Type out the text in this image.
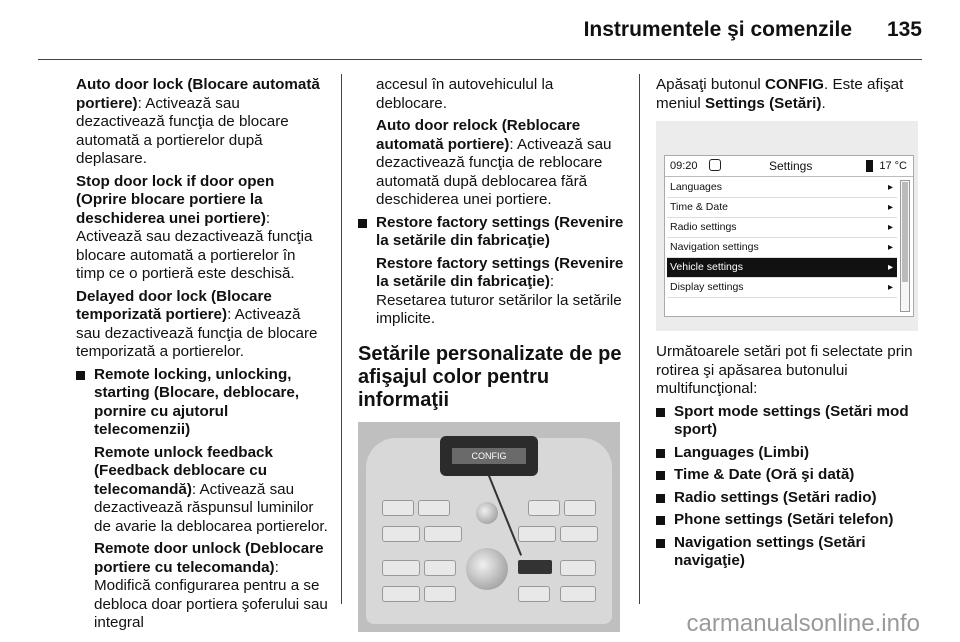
Instrumentele şi comenzile 135

Auto door lock (Blocare automată portiere): Activează sau dezactivează funcţia de blocare automată a portierelor după deplasare.

Stop door lock if door open (Oprire blocare portiere la deschiderea unei portiere): Activează sau dezactivează funcţia blocare automată a portierelor în timp ce o portieră este deschisă.

Delayed door lock (Blocare temporizată portiere): Activează sau dezactivează funcţia de blocare temporizată a portierelor.

Remote locking, unlocking, starting (Blocare, deblocare, pornire cu ajutorul telecomenzii)

Remote unlock feedback (Feedback deblocare cu telecomandă): Activează sau dezactivează răspunsul luminilor de avarie la deblocarea portierelor.

Remote door unlock (Deblocare portiere cu telecomanda): Modifică configurarea pentru a se debloca doar portiera şoferului sau integral

accesul în autovehiculul la deblocare.

Auto door relock (Reblocare automată portiere): Activează sau dezactivează funcţia de reblocare automată după deblocarea fără deschiderea unei portiere.

Restore factory settings (Revenire la setările din fabricaţie)

Restore factory settings (Revenire la setările din fabricaţie): Resetarea tuturor setărilor la setările implicite.

Setările personalizate de pe afişajul color pentru informaţii
CONFIG

Apăsaţi butonul CONFIG. Este afişat meniul Settings (Setări).

09:20	Settings	17 °C
Languages	▸
Time & Date	▸
Radio settings	▸
Navigation settings	▸
Vehicle settings	▸
Display settings	▸

Următoarele setări pot fi selectate prin rotirea şi apăsarea butonului multifuncţional:

Sport mode settings (Setări mod sport)
Languages (Limbi)
Time & Date (Oră şi dată)
Radio settings (Setări radio)
Phone settings (Setări telefon)
Navigation settings (Setări navigaţie)
carmanualsonline.info
